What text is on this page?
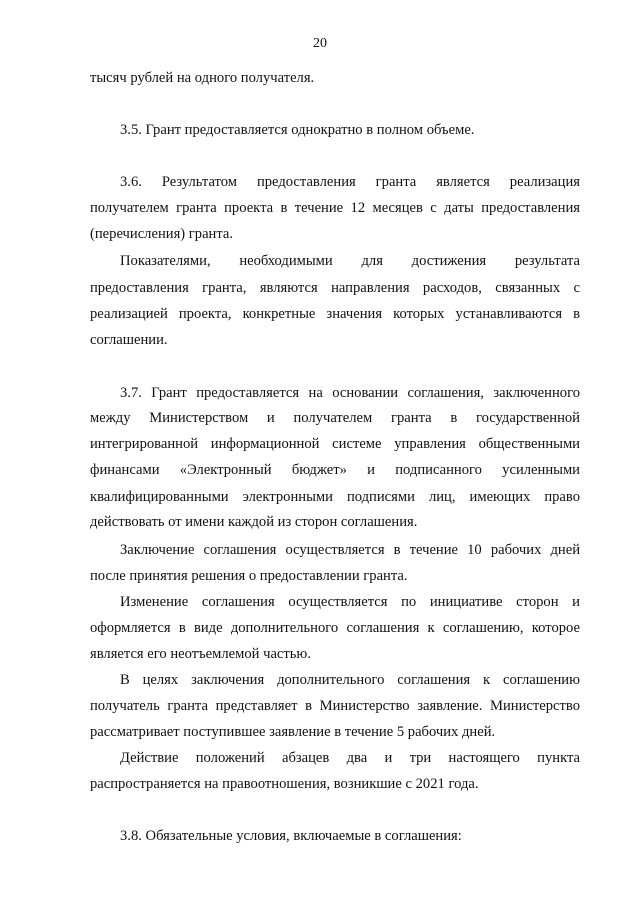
20
тысяч рублей на одного получателя.
3.5. Грант предоставляется однократно в полном объеме.
3.6. Результатом предоставления гранта является реализация
получателем гранта проекта в течение 12 месяцев с даты предоставления
(перечисления) гранта.
Показателями, необходимыми для достижения результата
предоставления гранта, являются направления расходов, связанных с
реализацией проекта, конкретные значения которых устанавливаются в
соглашении.
3.7. Грант предоставляется на основании соглашения, заключенного
между Министерством и получателем гранта в государственной
интегрированной информационной системе управления общественными
финансами «Электронный бюджет» и подписанного усиленными
квалифицированными электронными подписями лиц, имеющих право
действовать от имени каждой из сторон соглашения.
Заключение соглашения осуществляется в течение 10 рабочих дней
после принятия решения о предоставлении гранта.
Изменение соглашения осуществляется по инициативе сторон и
оформляется в виде дополнительного соглашения к соглашению, которое
является его неотъемлемой частью.
В целях заключения дополнительного соглашения к соглашению
получатель гранта представляет в Министерство заявление. Министерство
рассматривает поступившее заявление в течение 5 рабочих дней.
Действие положений абзацев два и три настоящего пункта
распространяется на правоотношения, возникшие с 2021 года.
3.8. Обязательные условия, включаемые в соглашения:
